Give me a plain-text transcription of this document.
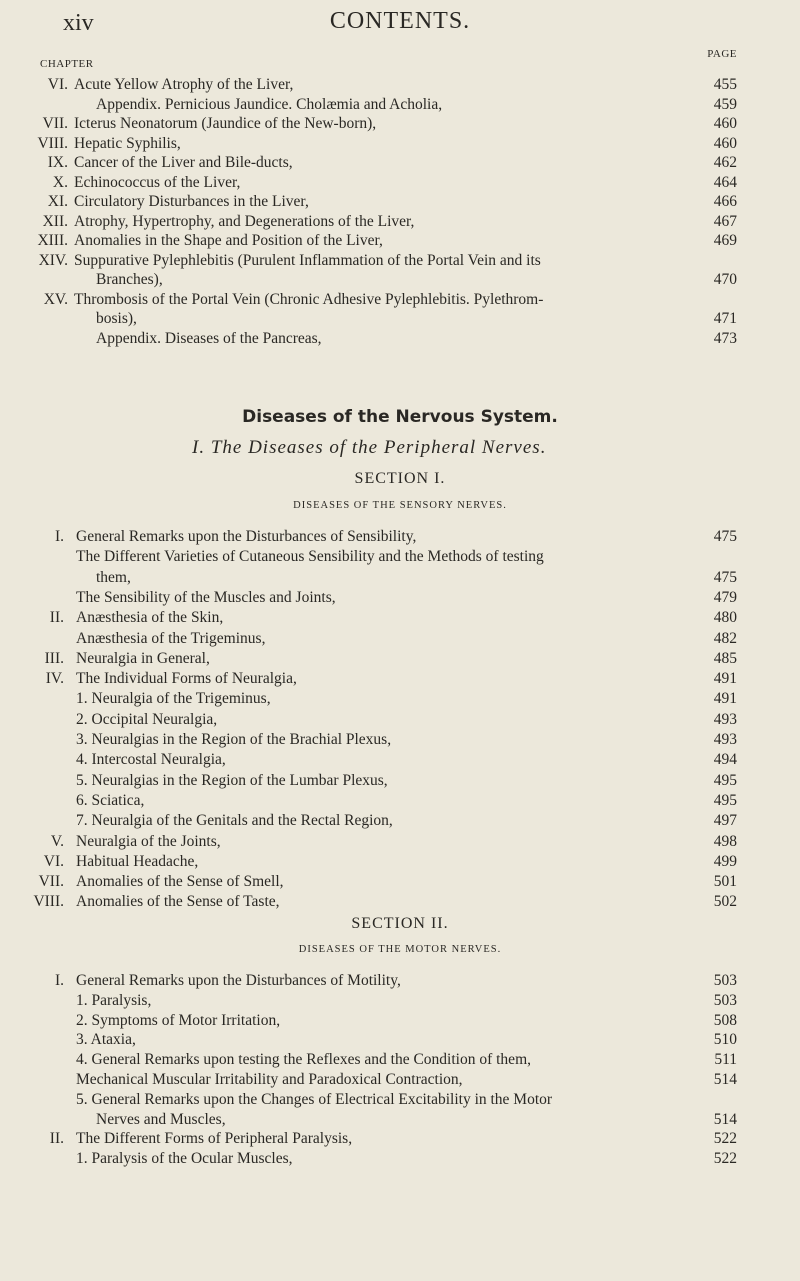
xiv	CONTENTS.
CHAPTER
PAGE
VI. Acute Yellow Atrophy of the Liver,	455
Appendix. Pernicious Jaundice. Cholæmia and Acholia,	459
VII. Icterus Neonatorum (Jaundice of the New-born),	460
VIII. Hepatic Syphilis,	460
IX. Cancer of the Liver and Bile-ducts,	462
X. Echinococcus of the Liver,	464
XI. Circulatory Disturbances in the Liver,	466
XII. Atrophy, Hypertrophy, and Degenerations of the Liver,	467
XIII. Anomalies in the Shape and Position of the Liver,	469
XIV. Suppurative Pylephlebitis (Purulent Inflammation of the Portal Vein and its
Branches),	470
XV. Thrombosis of the Portal Vein (Chronic Adhesive Pylephlebitis. Pylethrom-
bosis),	471
Appendix. Diseases of the Pancreas,	473
Diseases of the Nervous System.
I. The Diseases of the Peripheral Nerves.
SECTION I.
DISEASES OF THE SENSORY NERVES.
I. General Remarks upon the Disturbances of Sensibility,	475
The Different Varieties of Cutaneous Sensibility and the Methods of testing
them,	475
The Sensibility of the Muscles and Joints,	479
II. Anæsthesia of the Skin,	480
Anæsthesia of the Trigeminus,	482
III. Neuralgia in General,	485
IV. The Individual Forms of Neuralgia,	491
1. Neuralgia of the Trigeminus,	491
2. Occipital Neuralgia,	493
3. Neuralgias in the Region of the Brachial Plexus,	493
4. Intercostal Neuralgia,	494
5. Neuralgias in the Region of the Lumbar Plexus,	495
6. Sciatica,	495
7. Neuralgia of the Genitals and the Rectal Region,	497
V. Neuralgia of the Joints,	498
VI. Habitual Headache,	499
VII. Anomalies of the Sense of Smell,	501
VIII. Anomalies of the Sense of Taste,	502
SECTION II.
DISEASES OF THE MOTOR NERVES.
I. General Remarks upon the Disturbances of Motility,	503
1. Paralysis,	503
2. Symptoms of Motor Irritation,	508
3. Ataxia,	510
4. General Remarks upon testing the Reflexes and the Condition of them,	511
Mechanical Muscular Irritability and Paradoxical Contraction,	514
5. General Remarks upon the Changes of Electrical Excitability in the Motor
Nerves and Muscles,	514
II. The Different Forms of Peripheral Paralysis,	522
1. Paralysis of the Ocular Muscles,	522
